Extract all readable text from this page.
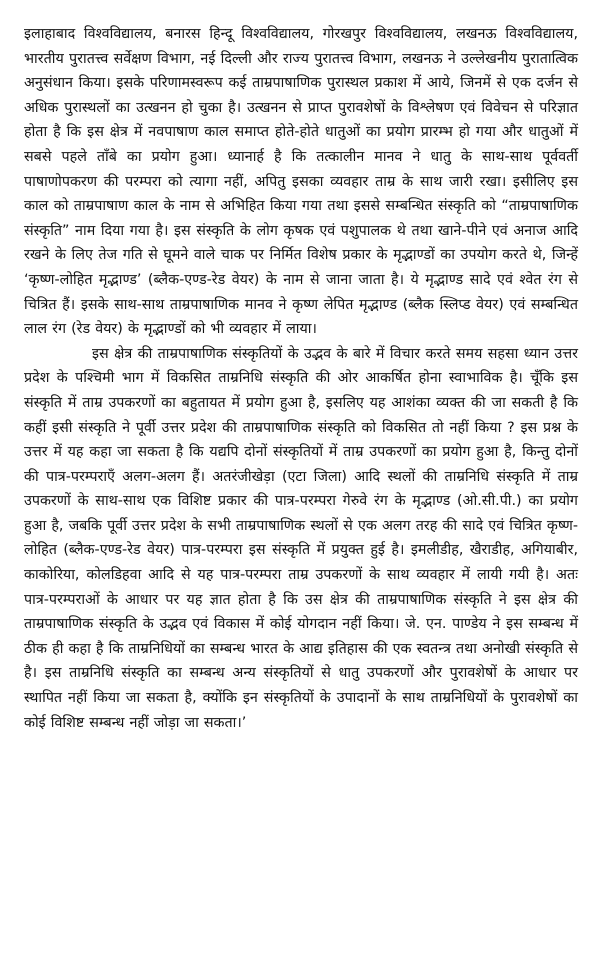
इलाहाबाद विश्वविद्यालय, बनारस हिन्दू विश्वविद्यालय, गोरखपुर विश्वविद्यालय, लखनऊ विश्वविद्यालय, भारतीय पुरातत्त्व सर्वेक्षण विभाग, नई दिल्ली और राज्य पुरातत्त्व विभाग, लखनऊ ने उल्लेखनीय पुरातात्विक अनुसंधान किया। इसके परिणामस्वरूप कई ताम्रपाषाणिक पुरास्थल प्रकाश में आये, जिनमें से एक दर्जन से अधिक पुरास्थलों का उत्खनन हो चुका है। उत्खनन से प्राप्त पुरावशेषों के विश्लेषण एवं विवेचन से परिज्ञात होता है कि इस क्षेत्र में नवपाषाण काल समाप्त होते-होते धातुओं का प्रयोग प्रारम्भ हो गया और धातुओं में सबसे पहले ताँबे का प्रयोग हुआ। ध्यानार्ह है कि तत्कालीन मानव ने धातु के साथ-साथ पूर्ववर्ती पाषाणोपकरण की परम्परा को त्यागा नहीं, अपितु इसका व्यवहार ताम्र के साथ जारी रखा। इसीलिए इस काल को ताम्रपाषाण काल के नाम से अभिहित किया गया तथा इससे सम्बन्धित संस्कृति को “ताम्रपाषाणिक संस्कृति” नाम दिया गया है। इस संस्कृति के लोग कृषक एवं पशुपालक थे तथा खाने-पीने एवं अनाज आदि रखने के लिए तेज गति से घूमने वाले चाक पर निर्मित विशेष प्रकार के मृद्भाण्डों का उपयोग करते थे, जिन्हें ‘कृष्ण-लोहित मृद्भाण्ड’ (ब्लैक-एण्ड-रेड वेयर) के नाम से जाना जाता है। ये मृद्भाण्ड सादे एवं श्वेत रंग से चित्रित हैं। इसके साथ-साथ ताम्रपाषाणिक मानव ने कृष्ण लेपित मृद्भाण्ड (ब्लैक स्लिप्ड वेयर) एवं सम्बन्धित लाल रंग (रेड वेयर) के मृद्भाण्डों को भी व्यवहार में लाया।

इस क्षेत्र की ताम्रपाषाणिक संस्कृतियों के उद्भव के बारे में विचार करते समय सहसा ध्यान उत्तर प्रदेश के पश्चिमी भाग में विकसित ताम्रनिधि संस्कृति की ओर आकर्षित होना स्वाभाविक है। चूँकि इस संस्कृति में ताम्र उपकरणों का बहुतायत में प्रयोग हुआ है, इसलिए यह आशंका व्यक्त की जा सकती है कि कहीं इसी संस्कृति ने पूर्वी उत्तर प्रदेश की ताम्रपाषाणिक संस्कृति को विकसित तो नहीं किया ? इस प्रश्न के उत्तर में यह कहा जा सकता है कि यद्यपि दोनों संस्कृतियों में ताम्र उपकरणों का प्रयोग हुआ है, किन्तु दोनों की पात्र-परम्पराएँ अलग-अलग हैं। अतरंजीखेड़ा (एटा जिला) आदि स्थलों की ताम्रनिधि संस्कृति में ताम्र उपकरणों के साथ-साथ एक विशिष्ट प्रकार की पात्र-परम्परा गेरुवे रंग के मृद्भाण्ड (ओ.सी.पी.) का प्रयोग हुआ है, जबकि पूर्वी उत्तर प्रदेश के सभी ताम्रपाषाणिक स्थलों से एक अलग तरह की सादे एवं चित्रित कृष्ण-लोहित (ब्लैक-एण्ड-रेड वेयर) पात्र-परम्परा इस संस्कृति में प्रयुक्त हुई है। इमलीडीह, खैराडीह, अगियाबीर, काकोरिया, कोलडिहवा आदि से यह पात्र-परम्परा ताम्र उपकरणों के साथ व्यवहार में लायी गयी है। अतः पात्र-परम्पराओं के आधार पर यह ज्ञात होता है कि उस क्षेत्र की ताम्रपाषाणिक संस्कृति ने इस क्षेत्र की ताम्रपाषाणिक संस्कृति के उद्भव एवं विकास में कोई योगदान नहीं किया। जे. एन. पाण्डेय ने इस सम्बन्ध में ठीक ही कहा है कि ताम्रनिधियों का सम्बन्ध भारत के आद्य इतिहास की एक स्वतन्त्र तथा अनोखी संस्कृति से है। इस ताम्रनिधि संस्कृति का सम्बन्ध अन्य संस्कृतियों से धातु उपकरणों और पुरावशेषों के आधार पर स्थापित नहीं किया जा सकता है, क्योंकि इन संस्कृतियों के उपादानों के साथ ताम्रनिधियों के पुरावशेषों का कोई विशिष्ट सम्बन्ध नहीं जोड़ा जा सकता।’
